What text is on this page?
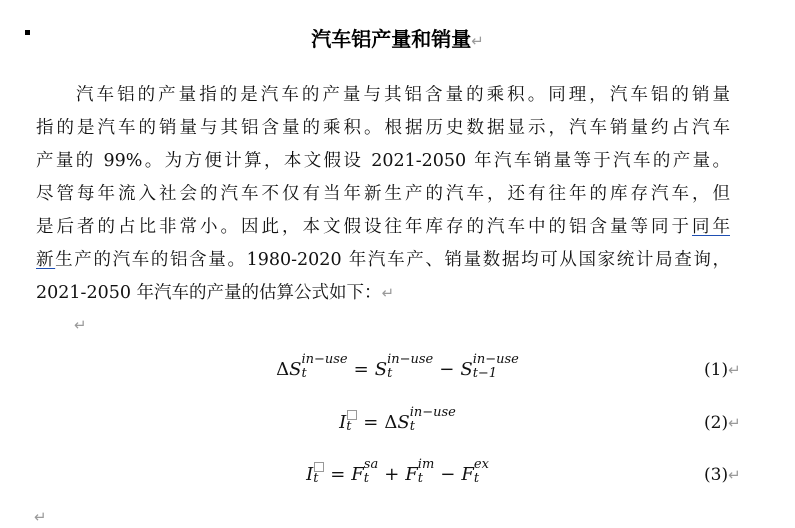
汽车铝产量和销量↵
汽车铝的产量指的是汽车的产量与其铝含量的乘积。同理，汽车铝的销量
指的是汽车的销量与其铝含量的乘积。根据历史数据显示，汽车销量约占汽车
产量的 99%。为方便计算，本文假设 2021-2050 年汽车销量等于汽车的产量。
尽管每年流入社会的汽车不仅有当年新生产的汽车，还有往年的库存汽车，但
是后者的占比非常小。因此，本文假设往年库存的汽车中的铝含量等同于同年
新生产的汽车的铝含量。1980-2020 年汽车产、销量数据均可从国家统计局查询，
2021-2050 年汽车的产量的估算公式如下：↵
↵
ΔS in−use
t	= S in−use
t	− S in−use
t−1	(1)↵
I t = ΔS in−use
t	(2)↵
I t = F sa
t + F im
t − F ex
t	(3)↵
↵
